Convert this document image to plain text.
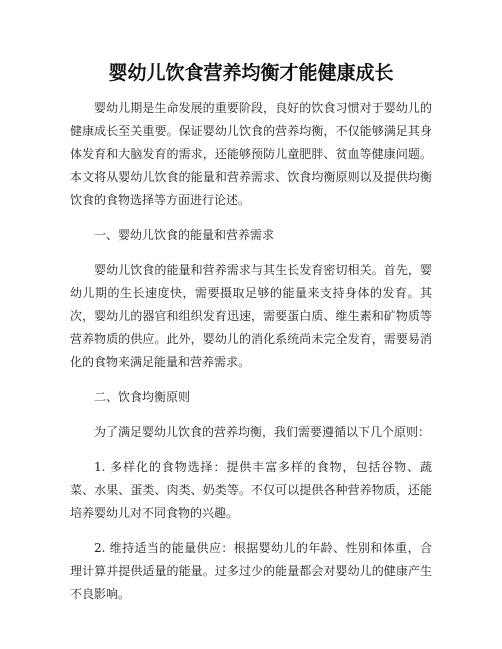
婴幼儿饮食营养均衡才能健康成长

婴幼儿期是生命发展的重要阶段，良好的饮食习惯对于婴幼儿的健康成长至关重要。保证婴幼儿饮食的营养均衡，不仅能够满足其身体发育和大脑发育的需求，还能够预防儿童肥胖、贫血等健康问题。本文将从婴幼儿饮食的能量和营养需求、饮食均衡原则以及提供均衡饮食的食物选择等方面进行论述。

一、婴幼儿饮食的能量和营养需求

婴幼儿饮食的能量和营养需求与其生长发育密切相关。首先，婴幼儿期的生长速度快，需要摄取足够的能量来支持身体的发育。其次，婴幼儿的器官和组织发育迅速，需要蛋白质、维生素和矿物质等营养物质的供应。此外，婴幼儿的消化系统尚未完全发育，需要易消化的食物来满足能量和营养需求。

二、饮食均衡原则

为了满足婴幼儿饮食的营养均衡，我们需要遵循以下几个原则：

1. 多样化的食物选择：提供丰富多样的食物，包括谷物、蔬菜、水果、蛋类、肉类、奶类等。不仅可以提供各种营养物质，还能培养婴幼儿对不同食物的兴趣。

2. 维持适当的能量供应：根据婴幼儿的年龄、性别和体重，合理计算并提供适量的能量。过多过少的能量都会对婴幼儿的健康产生不良影响。
